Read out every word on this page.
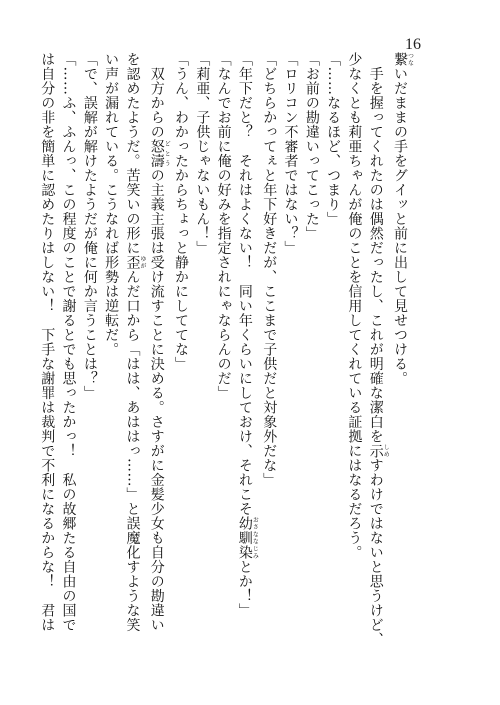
16
繋つないだままの手をグイッと前に出して見せつける。
　手を握ってくれたのは偶然だったし、これが明確な潔白を示しめすわけではないと思うけど、
少なくとも莉亜ちゃんが俺のことを信用してくれている証拠にはなるだろう。
「……なるほど、つまり」
「お前の勘違いってこった」
「ロリコン不審者ではない？」
「どちらかってぇと年下好きだが、ここまで子供だと対象外だな」
「年下だと？　それはよくない！　同い年くらいにしておけ、それこそ幼馴染おさななじみとか！」
「なんでお前に俺の好みを指定されにゃならんのだ」
「莉亜、子供じゃないもん！」
「うん、わかったからちょっと静かにしててな」
　双方からの怒濤どとうの主義主張は受け流すことに決める。さすがに金髪少女も自分の勘違い
を認めたようだ。苦笑いの形に歪ゆがんだ口から「はは、あははっ……」と誤魔化すような笑
い声が漏れている。こうなれば形勢は逆転だ。
「で、誤解が解けたようだが俺に何か言うことは？」
「……ふ、ふんっ、この程度のことで謝るとでも思ったかっ！　私の故郷たる自由の国で
は自分の非を簡単に認めたりはしない！　下手な謝罪は裁判で不利になるからな！　君は
